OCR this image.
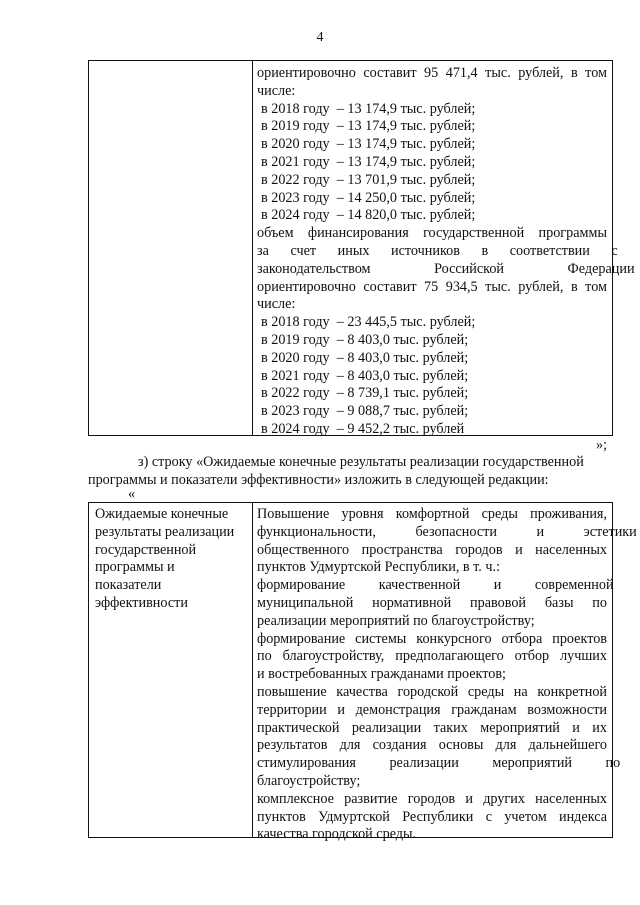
4
ориентировочно составит 95 471,4 тыс. рублей, в том
числе:
в 2018 году  – 13 174,9 тыс. рублей;
в 2019 году  – 13 174,9 тыс. рублей;
в 2020 году  – 13 174,9 тыс. рублей;
в 2021 году  – 13 174,9 тыс. рублей;
в 2022 году  – 13 701,9 тыс. рублей;
в 2023 году  – 14 250,0 тыс. рублей;
в 2024 году  – 14 820,0 тыс. рублей;
объем финансирования государственной программы
за счет иных источников в соответствии с
законодательством Российской Федерации
ориентировочно составит 75 934,5 тыс. рублей, в том
числе:
в 2018 году  – 23 445,5 тыс. рублей;
в 2019 году  – 8 403,0 тыс. рублей;
в 2020 году  – 8 403,0 тыс. рублей;
в 2021 году  – 8 403,0 тыс. рублей;
в 2022 году  – 8 739,1 тыс. рублей;
в 2023 году  – 9 088,7 тыс. рублей;
в 2024 году  – 9 452,2 тыс. рублей
»;
з) строку «Ожидаемые конечные результаты реализации государственной
программы и показатели эффективности» изложить в следующей редакции:
«
Ожидаемые конечные
результаты реализации
государственной
программы и
показатели
эффективности
Повышение уровня комфортной среды проживания,
функциональности, безопасности и эстетики
общественного пространства городов и населенных
пунктов Удмуртской Республики, в т. ч.:
формирование качественной и современной
муниципальной нормативной правовой базы по
реализации мероприятий по благоустройству;
формирование системы конкурсного отбора проектов
по благоустройству, предполагающего отбор лучших
и востребованных гражданами проектов;
повышение качества городской среды на конкретной
территории и демонстрация гражданам возможности
практической реализации таких мероприятий и их
результатов для создания основы для дальнейшего
стимулирования реализации мероприятий по
благоустройству;
комплексное развитие городов и других населенных
пунктов Удмуртской Республики с учетом индекса
качества городской среды.
